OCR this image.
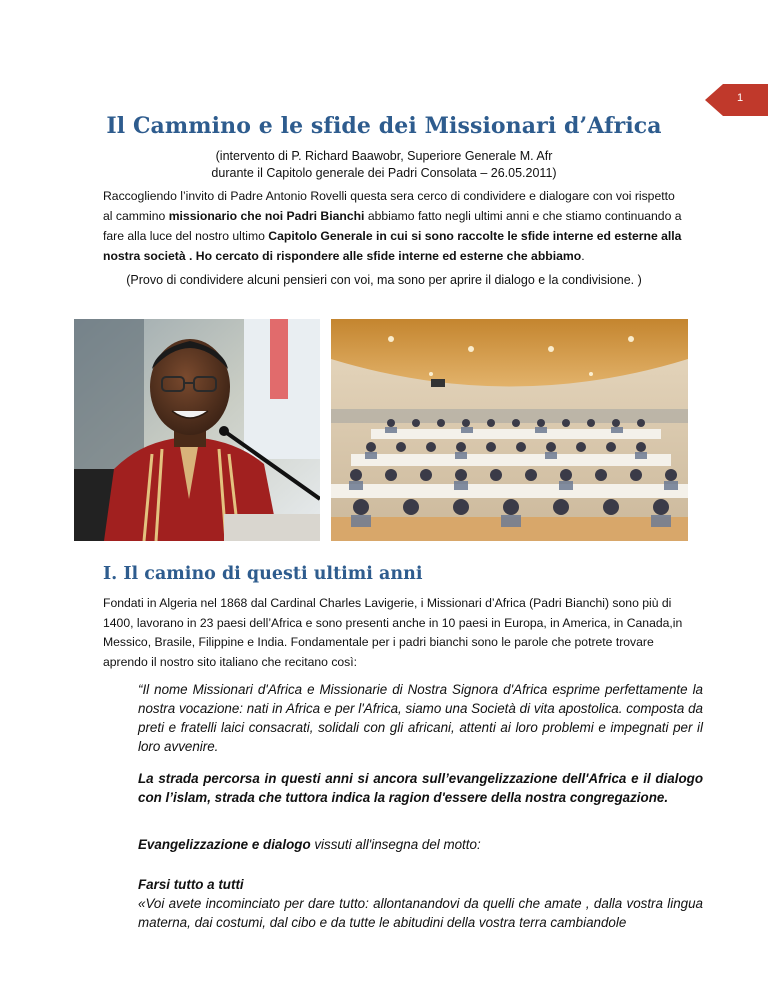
1
Il Cammino e le sfide dei Missionari d’Africa
(intervento di P. Richard Baawobr, Superiore Generale M. Afr
durante il Capitolo generale dei Padri Consolata – 26.05.2011)

Raccogliendo l’invito di Padre Antonio Rovelli questa sera cerco di condividere e dialogare con voi rispetto al cammino missionario che noi Padri Bianchi abbiamo fatto negli ultimi anni e che stiamo continuando a fare alla luce del nostro ultimo Capitolo Generale in cui si sono raccolte le sfide interne ed esterne alla nostra società . Ho cercato di rispondere alle sfide interne ed esterne che abbiamo.

(Provo di condividere alcuni pensieri con voi, ma sono per aprire il dialogo e la condivisione. )
I. Il camino di questi ultimi anni

Fondati in Algeria nel 1868 dal Cardinal Charles Lavigerie, i Missionari d’Africa (Padri Bianchi) sono più di 1400, lavorano in 23 paesi dell’Africa e sono presenti anche in 10 paesi in Europa, in America, in Canada,in Messico, Brasile, Filippine e India. Fondamentale per i padri bianchi sono le parole che potrete trovare aprendo il nostro sito italiano che recitano così:

“Il nome Missionari d'Africa e Missionarie di Nostra Signora d'Africa esprime perfettamente la nostra vocazione: nati in Africa e per l'Africa, siamo una Società di vita apostolica. composta da preti e fratelli laici consacrati, solidali con gli africani, attenti ai loro problemi e impegnati per il loro avvenire.

La strada percorsa in questi anni si ancora sull’evangelizzazione dell'Africa e il dialogo con l’islam, strada che tuttora indica la ragion d'essere della nostra congregazione.

Evangelizzazione e dialogo vissuti all'insegna del motto:

Farsi tutto a tutti

«Voi avete incominciato per dare tutto: allontanandovi da quelli che amate , dalla vostra lingua materna, dai costumi, dal cibo e da tutte le abitudini della vostra terra cambiandole
